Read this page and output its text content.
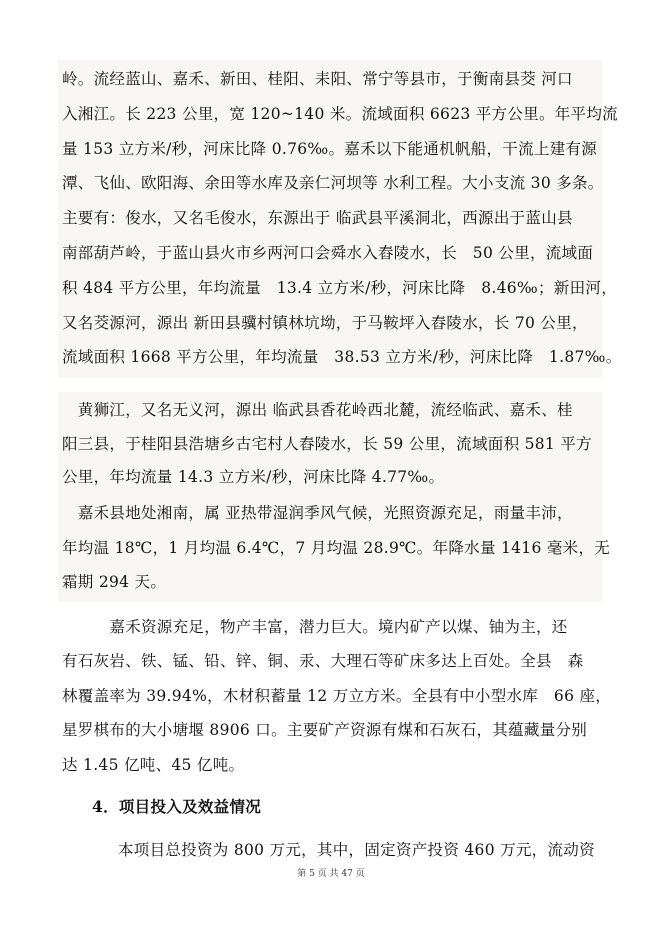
岭。流经蓝山、嘉禾、新田、桂阳、耒阳、常宁等县市，于衡南县茭 河口
入湘江。长 223 公里，宽 120~140 米。流域面积 6623 平方公里。年平均流
量 153 立方米/秒，河床比降 0.76‰。嘉禾以下能通机帆船，干流上建有源
潭、飞仙、欧阳海、余田等水库及亲仁河坝等 水利工程。大小支流 30 多条。
主要有：俊水，又名毛俊水，东源出于 临武县平溪洞北，西源出于蓝山县
南部葫芦岭，于蓝山县火市乡两河口会舜水入舂陵水，长　50 公里，流域面
积 484 平方公里，年均流量　13.4 立方米/秒，河床比降　8.46‰；新田河，
又名茭源河，源出 新田县骥村镇林坑坳，于马鞍坪入舂陵水，长 70 公里，
流域面积 1668 平方公里，年均流量　38.53 立方米/秒，河床比降　1.87‰。
　黄狮江，又名无义河，源出 临武县香花岭西北麓，流经临武、嘉禾、桂
阳三县，于桂阳县浩塘乡古宅村人舂陵水，长 59 公里，流域面积 581 平方
公里，年均流量 14.3 立方米/秒，河床比降 4.77‰。
　嘉禾县地处湘南，属 亚热带湿润季风气候，光照资源充足，雨量丰沛，
年均温 18℃，1 月均温 6.4℃，7 月均温 28.9℃。年降水量 1416 毫米，无
霜期 294 天。
　　　嘉禾资源充足，物产丰富，潜力巨大。境内矿产以煤、铀为主，还
有石灰岩、铁、锰、铅、锌、铜、汞、大理石等矿床多达上百处。全县　森
林覆盖率为 39.94%，木材积蓄量 12 万立方米。全县有中小型水库　66 座，
星罗棋布的大小塘堰 8906 口。主要矿产资源有煤和石灰石，其蕴藏量分别
达 1.45 亿吨、45 亿吨。
4．项目投入及效益情况
本项目总投资为 800 万元，其中，固定资产投资 460 万元，流动资
第 5 页 共 47 页
